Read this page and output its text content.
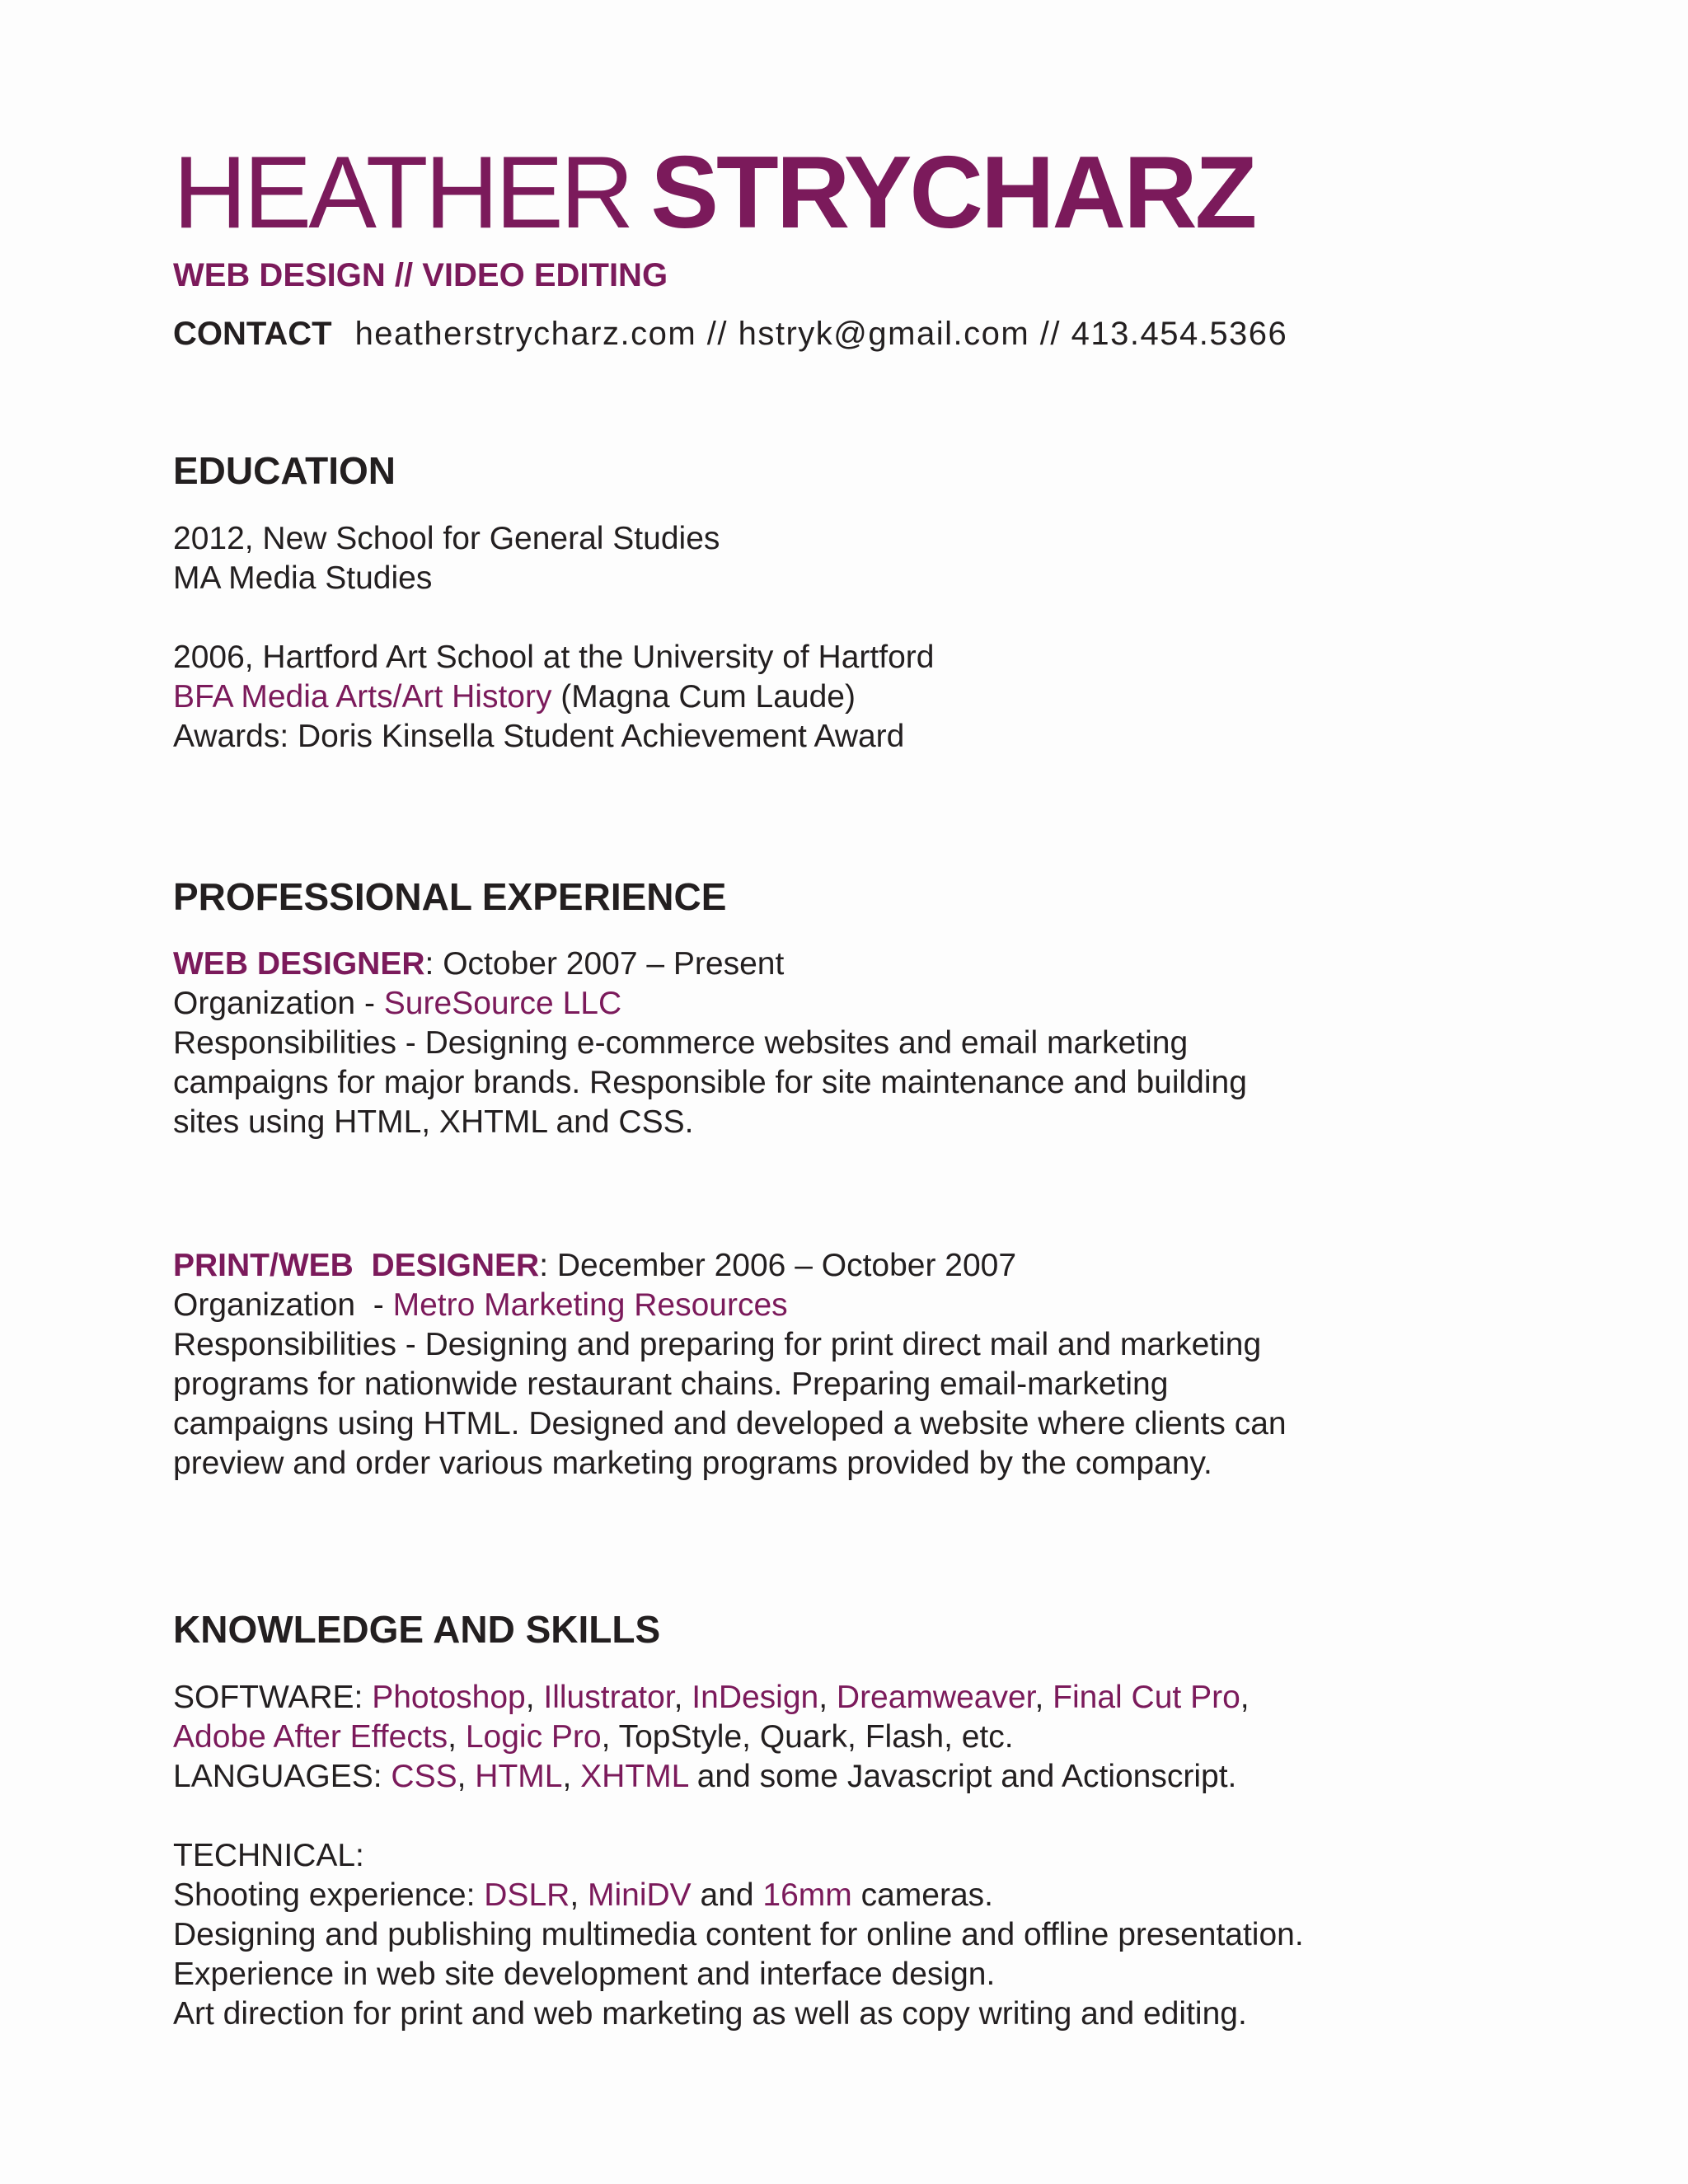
HEATHER STRYCHARZ
WEB DESIGN // VIDEO EDITING
CONTACT heatherstrycharz.com // hstryk@gmail.com // 413.454.5366
EDUCATION
2012, New School for General Studies
MA Media Studies
2006, Hartford Art School at the University of Hartford
BFA Media Arts/Art History (Magna Cum Laude)
Awards: Doris Kinsella Student Achievement Award
PROFESSIONAL EXPERIENCE
WEB DESIGNER: October 2007 – Present
Organization - SureSource LLC
Responsibilities - Designing e-commerce websites and email marketing
campaigns for major brands. Responsible for site maintenance and building
sites using HTML, XHTML and CSS.
PRINT/WEB  DESIGNER: December 2006 – October 2007
Organization  - Metro Marketing Resources
Responsibilities - Designing and preparing for print direct mail and marketing
programs for nationwide restaurant chains. Preparing email-marketing
campaigns using HTML. Designed and developed a website where clients can
preview and order various marketing programs provided by the company.
KNOWLEDGE AND SKILLS
SOFTWARE: Photoshop, Illustrator, InDesign, Dreamweaver, Final Cut Pro,
Adobe After Effects, Logic Pro, TopStyle, Quark, Flash, etc.
LANGUAGES: CSS, HTML, XHTML and some Javascript and Actionscript.
TECHNICAL:
Shooting experience: DSLR, MiniDV and 16mm cameras.
Designing and publishing multimedia content for online and offline presentation.
Experience in web site development and interface design.
Art direction for print and web marketing as well as copy writing and editing.
